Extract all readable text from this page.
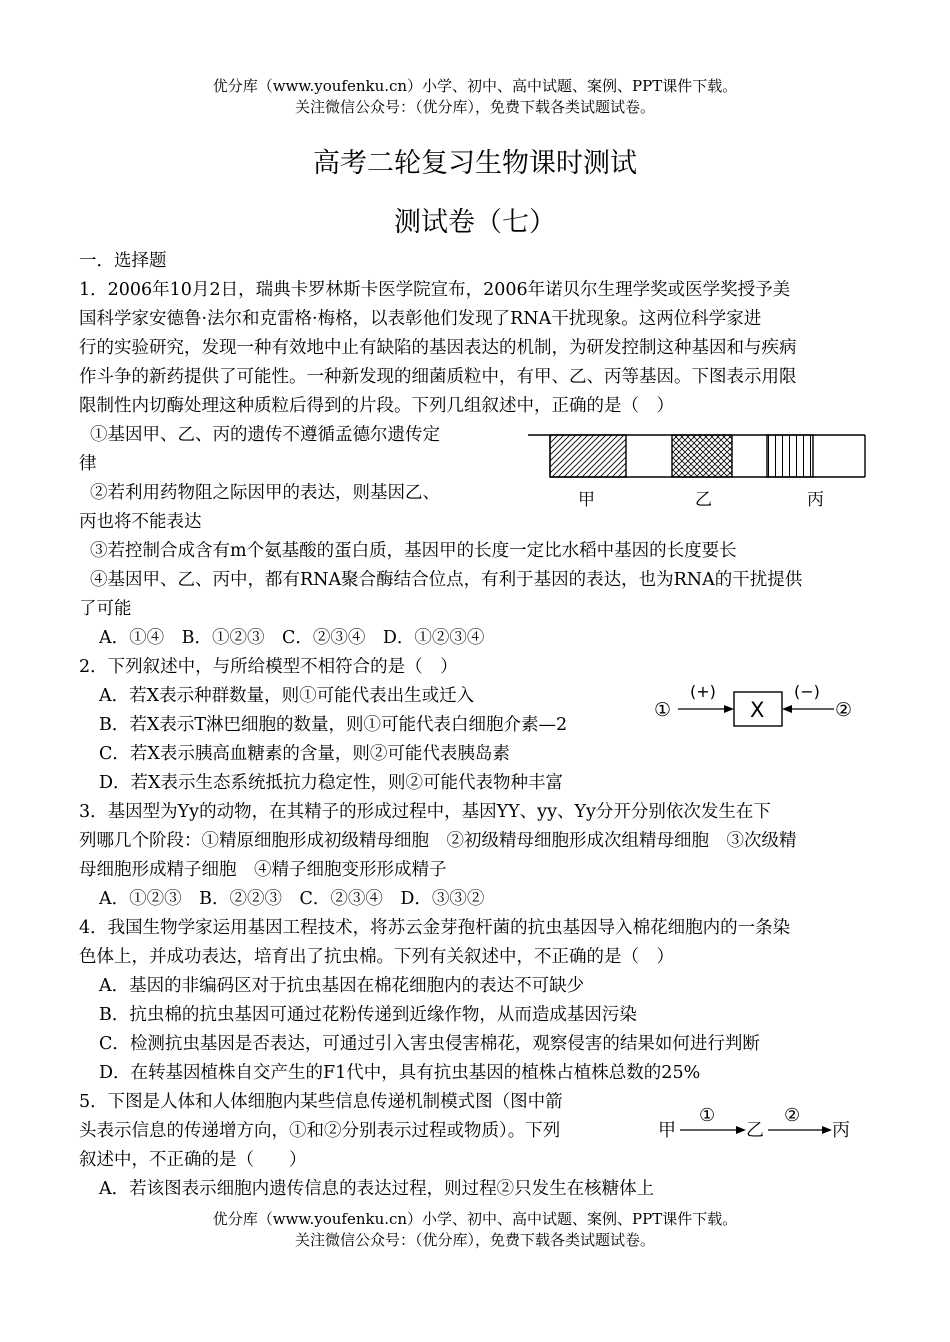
优分库（www.youfenku.cn）小学、初中、高中试题、案例、PPT课件下载。
关注微信公众号：（优分库），免费下载各类试题试卷。
高考二轮复习生物课时测试
测试卷（七）
一．选择题
1．2006年10月2日，瑞典卡罗林斯卡医学院宣布，2006年诺贝尔生理学奖或医学奖授予美
国科学家安德鲁·法尔和克雷格·梅格，以表彰他们发现了RNA干扰现象。这两位科学家进
行的实验研究，发现一种有效地中止有缺陷的基因表达的机制，为研发控制这种基因和与疾病
作斗争的新药提供了可能性。一种新发现的细菌质粒中，有甲、乙、丙等基因。下图表示用限
限制性内切酶处理这种质粒后得到的片段。下列几组叙述中，正确的是（　）
①基因甲、乙、丙的遗传不遵循孟德尔遗传定
律
②若利用药物阻之际因甲的表达，则基因乙、
丙也将不能表达
③若控制合成含有m个氨基酸的蛋白质，基因甲的长度一定比水稻中基因的长度要长
④基因甲、乙、丙中，都有RNA聚合酶结合位点，有利于基因的表达，也为RNA的干扰提供
了可能
A．①④　B．①②③　C．②③④　D．①②③④
甲	乙	丙
2．下列叙述中，与所给模型不相符合的是（　）
A．若X表示种群数量，则①可能代表出生或迁入
B．若X表示T淋巴细胞的数量，则①可能代表白细胞介素—2
C．若X表示胰高血糖素的含量，则②可能代表胰岛素
D．若X表示生态系统抵抗力稳定性，则②可能代表物种丰富
①
(+)
X
(−)
②
3．基因型为Yy的动物，在其精子的形成过程中，基因YY、yy、Yy分开分别依次发生在下
列哪几个阶段：①精原细胞形成初级精母细胞　②初级精母细胞形成次组精母细胞　③次级精
母细胞形成精子细胞　④精子细胞变形形成精子
A．①②③　B．②②③　C．②③④　D．③③②
4．我国生物学家运用基因工程技术，将苏云金芽孢杆菌的抗虫基因导入棉花细胞内的一条染
色体上，并成功表达，培育出了抗虫棉。下列有关叙述中，不正确的是（　）
A．基因的非编码区对于抗虫基因在棉花细胞内的表达不可缺少
B．抗虫棉的抗虫基因可通过花粉传递到近缘作物，从而造成基因污染
C．检测抗虫基因是否表达，可通过引入害虫侵害棉花，观察侵害的结果如何进行判断
D．在转基因植株自交产生的F1代中，具有抗虫基因的植株占植株总数的25%
5．下图是人体和人体细胞内某些信息传递机制模式图（图中箭
头表示信息的传递增方向，①和②分别表示过程或物质）。下列
叙述中，不正确的是（　　）
A．若该图表示细胞内遗传信息的表达过程，则过程②只发生在核糖体上
甲
①
乙
②
丙
优分库（www.youfenku.cn）小学、初中、高中试题、案例、PPT课件下载。
关注微信公众号：（优分库），免费下载各类试题试卷。
